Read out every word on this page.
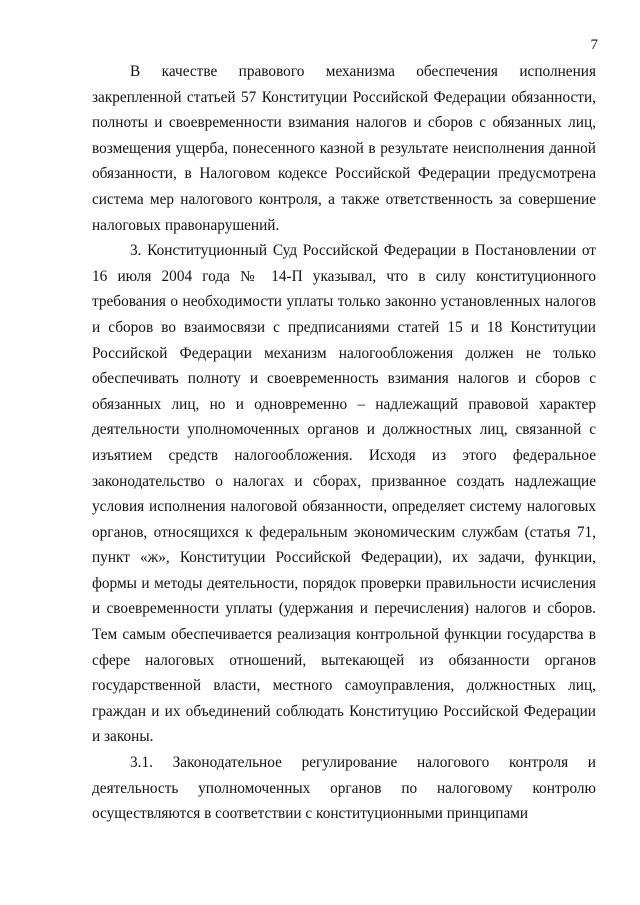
7

В качестве правового механизма обеспечения исполнения закрепленной статьей 57 Конституции Российской Федерации обязанности, полноты и своевременности взимания налогов и сборов с обязанных лиц, возмещения ущерба, понесенного казной в результате неисполнения данной обязанности, в Налоговом кодексе Российской Федерации предусмотрена система мер налогового контроля, а также ответственность за совершение налоговых правонарушений.

3. Конституционный Суд Российской Федерации в Постановлении от 16 июля 2004 года № 14-П указывал, что в силу конституционного требования о необходимости уплаты только законно установленных налогов и сборов во взаимосвязи с предписаниями статей 15 и 18 Конституции Российской Федерации механизм налогообложения должен не только обеспечивать полноту и своевременность взимания налогов и сборов с обязанных лиц, но и одновременно – надлежащий правовой характер деятельности уполномоченных органов и должностных лиц, связанной с изъятием средств налогообложения. Исходя из этого федеральное законодательство о налогах и сборах, призванное создать надлежащие условия исполнения налоговой обязанности, определяет систему налоговых органов, относящихся к федеральным экономическим службам (статья 71, пункт «ж», Конституции Российской Федерации), их задачи, функции, формы и методы деятельности, порядок проверки правильности исчисления и своевременности уплаты (удержания и перечисления) налогов и сборов. Тем самым обеспечивается реализация контрольной функции государства в сфере налоговых отношений, вытекающей из обязанности органов государственной власти, местного самоуправления, должностных лиц, граждан и их объединений соблюдать Конституцию Российской Федерации и законы.

3.1. Законодательное регулирование налогового контроля и деятельность уполномоченных органов по налоговому контролю осуществляются в соответствии с конституционными принципами
